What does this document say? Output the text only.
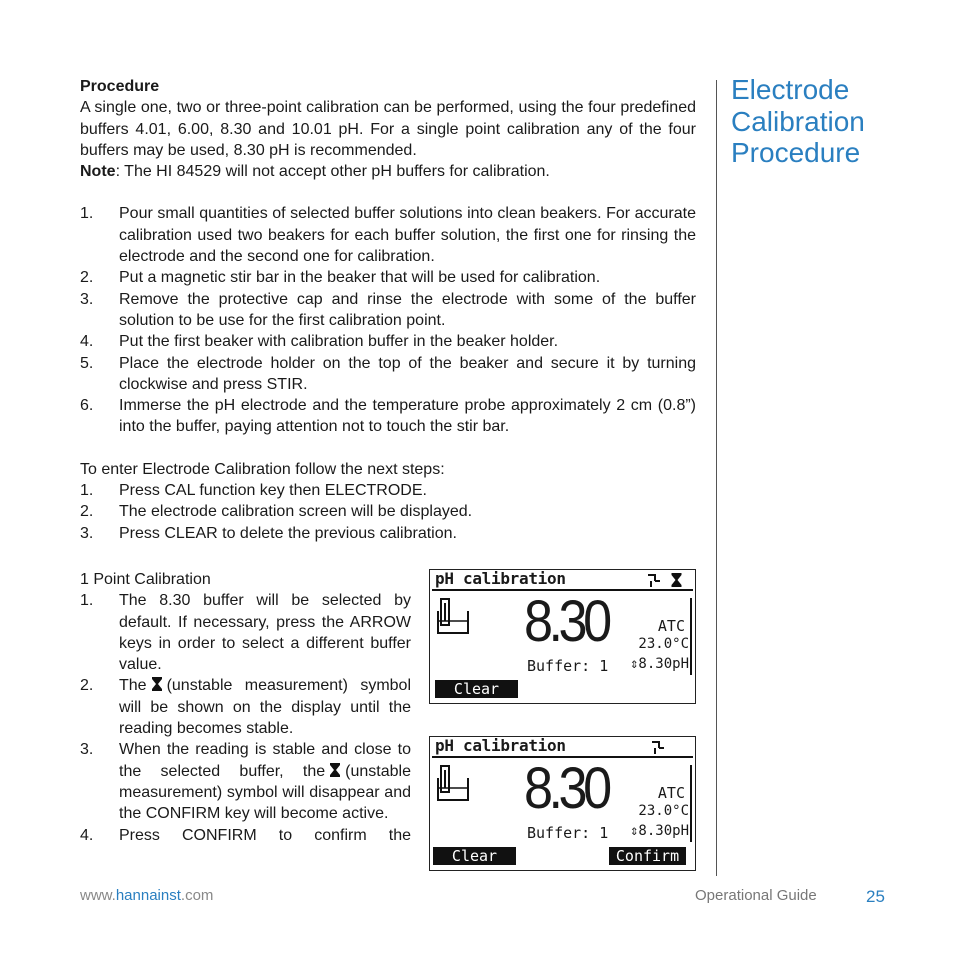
Procedure
A single one, two or three-point calibration can be performed, using the four predefined buffers 4.01, 6.00, 8.30 and 10.01 pH. For a single point calibration any of the four buffers may be used, 8.30 pH is recommended.
Note: The HI 84529 will not accept other pH buffers for calibration.
1.	Pour small quantities of selected buffer solutions into clean beakers. For accurate calibration used two beakers for each buffer solution, the first one for rinsing the electrode and the second one for calibration.
2.	Put a magnetic stir bar in the beaker that will be used for calibration.
3.	Remove the protective cap and rinse the electrode with some of the buffer solution to be use for the first calibration point.
4.	Put the first beaker with calibration buffer in the beaker holder.
5.	Place the electrode holder on the top of the beaker and secure it by turning clockwise and press STIR.
6.	Immerse the pH electrode and the temperature probe approximately 2 cm (0.8”) into the buffer, paying attention not to touch the stir bar.
To enter Electrode Calibration follow the next steps:
1.	Press CAL function key then ELECTRODE.
2.	The electrode calibration screen will be displayed.
3.	Press CLEAR to delete the previous calibration.
Electrode
Calibration
Procedure
1 Point Calibration
1.	The 8.30 buffer will be selected by default. If necessary, press the ARROW keys in order to select a different buffer value.
2.	The (unstable measurement) symbol will be shown on the display until the reading becomes stable.
3.	When the reading is stable and close to the selected buffer, the (unstable measurement) symbol will disappear and the CONFIRM key will become active.
4.	Press CONFIRM to confirm the
pH calibration
8.30	ATC
23.0°C
Buffer: 1 ⇕8.30pH
Clear
pH calibration
8.30	ATC
23.0°C
Buffer: 1 ⇕8.30pH
Clear	Confirm
www.hannainst.com	Operational Guide	25
